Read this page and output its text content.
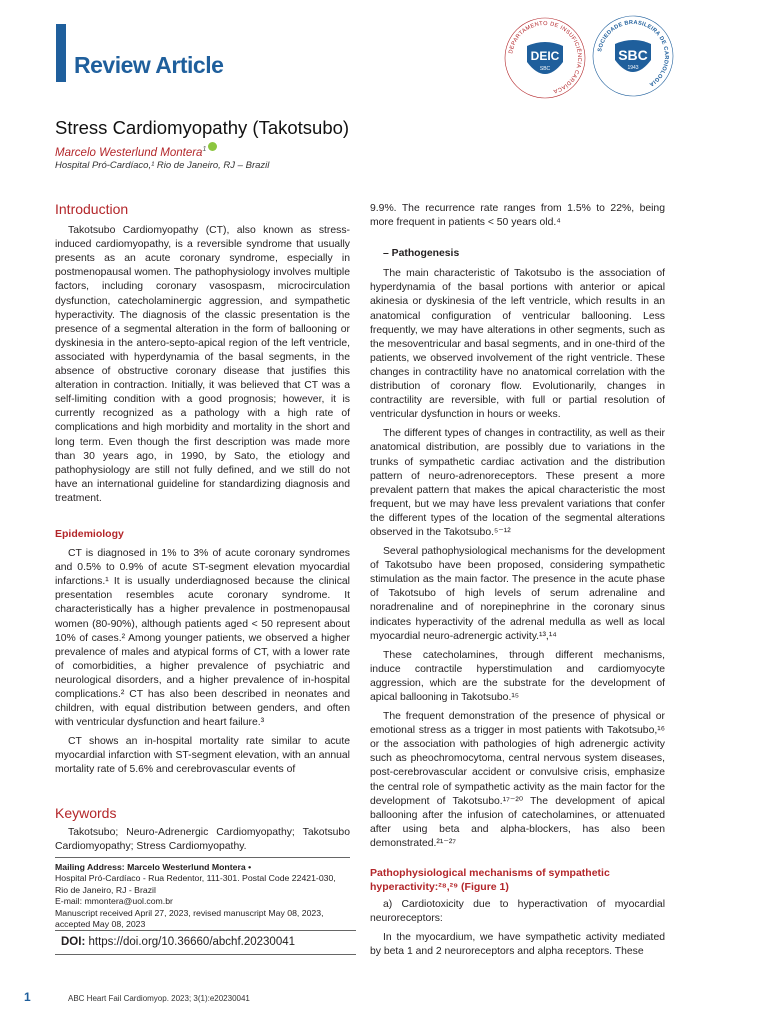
Review Article
DEPARTAMENTO DE INSUFICIÊNCIA CARDÍACA
DEIC
SBC
SOCIEDADE BRASILEIRA DE CARDIOLOGIA
SBC
1943
Stress Cardiomyopathy (Takotsubo)
Marcelo Westerlund Montera$^1$
Hospital Pró-Cardíaco,¹ Rio de Janeiro, RJ – Brazil
Introduction

Takotsubo Cardiomyopathy (CT), also known as stress-induced cardiomyopathy, is a reversible syndrome that usually presents as an acute coronary syndrome, especially in postmenopausal women. The pathophysiology involves multiple factors, including coronary vasospasm, microcirculation dysfunction, catecholaminergic aggression, and sympathetic hyperactivity. The diagnosis of the classic presentation is the presence of a segmental alteration in the form of ballooning or dyskinesia in the antero-septo-apical region of the left ventricle, associated with hyperdynamia of the basal segments, in the absence of obstructive coronary disease that justifies this alteration in contraction. Initially, it was believed that CT was a self-limiting condition with a good prognosis; however, it is currently recognized as a pathology with a high rate of complications and high morbidity and mortality in the short and long term. Even though the first description was made more than 30 years ago, in 1990, by Sato, the etiology and pathophysiology are still not fully defined, and we still do not have an international guideline for standardizing diagnosis and treatment.

Epidemiology

CT is diagnosed in 1% to 3% of acute coronary syndromes and 0.5% to 0.9% of acute ST-segment elevation myocardial infarctions.¹ It is usually underdiagnosed because the clinical presentation resembles acute coronary syndrome. It characteristically has a higher prevalence in postmenopausal women (80-90%), although patients aged < 50 represent about 10% of cases.² Among younger patients, we observed a higher prevalence of males and atypical forms of CT, with a lower rate of comorbidities, a higher prevalence of psychiatric and neurological disorders, and a higher prevalence of in-hospital complications.² CT has also been described in neonates and children, with equal distribution between genders, and often with ventricular dysfunction and heart failure.³

CT shows an in-hospital mortality rate similar to acute myocardial infarction with ST-segment elevation, with an annual mortality rate of 5.6% and cerebrovascular events of

Keywords

Takotsubo; Neuro-Adrenergic Cardiomyopathy; Takotsubo Cardiomyopathy; Stress Cardiomyopathy.

Mailing Address: Marcelo Westerlund Montera •
Hospital Pró-Cardíaco - Rua Redentor, 111-301. Postal Code 22421-030, Rio de Janeiro, RJ - Brazil
E-mail: mmontera@uol.com.br
Manuscript received April 27, 2023, revised manuscript May 08, 2023, accepted May 08, 2023
DOI: https://doi.org/10.36660/abchf.20230041

9.9%. The recurrence rate ranges from 1.5% to 22%, being more frequent in patients < 50 years old.⁴

– Pathogenesis

The main characteristic of Takotsubo is the association of hyperdynamia of the basal portions with anterior or apical akinesia or dyskinesia of the left ventricle, which results in an anatomical configuration of ventricular ballooning. Less frequently, we may have alterations in other segments, such as the mesoventricular and basal segments, and in one-third of the patients, we observed involvement of the right ventricle. These changes in contractility have no anatomical correlation with the distribution of coronary flow. Evolutionarily, changes in contractility are reversible, with full or partial resolution of ventricular dysfunction in hours or weeks.

The different types of changes in contractility, as well as their anatomical distribution, are possibly due to variations in the trunks of sympathetic cardiac activation and the distribution pattern of neuro-adrenoreceptors. These present a more prevalent pattern that makes the apical characteristic the most frequent, but we may have less prevalent variations that confer the different types of the location of the segmental alterations observed in the Takotsubo.⁵⁻¹²

Several pathophysiological mechanisms for the development of Takotsubo have been proposed, considering sympathetic stimulation as the main factor. The presence in the acute phase of Takotsubo of high levels of serum adrenaline and noradrenaline and of norepinephrine in the coronary sinus indicates hyperactivity of the adrenal medulla as well as local myocardial neuro-adrenergic activity.¹³,¹⁴

These catecholamines, through different mechanisms, induce contractile hyperstimulation and cardiomyocyte aggression, which are the substrate for the development of apical ballooning in Takotsubo.¹⁵

The frequent demonstration of the presence of physical or emotional stress as a trigger in most patients with Takotsubo,¹⁶ or the association with pathologies of high adrenergic activity such as pheochromocytoma, central nervous system diseases, post-cerebrovascular accident or convulsive crisis, emphasize the central role of sympathetic activity as the main factor for the development of Takotsubo.¹⁷⁻²⁰ The development of apical ballooning after the infusion of catecholamines, or attenuated after using beta and alpha-blockers, has also been demonstrated.²¹⁻²⁷

Pathophysiological mechanisms of sympathetic hyperactivity:²⁸,²⁹ (Figure 1)

a) Cardiotoxicity due to hyperactivation of myocardial neuroreceptors:

In the myocardium, we have sympathetic activity mediated by beta 1 and 2 neuroreceptors and alpha receptors. These

1	ABC Heart Fail Cardiomyop. 2023; 3(1):e20230041
